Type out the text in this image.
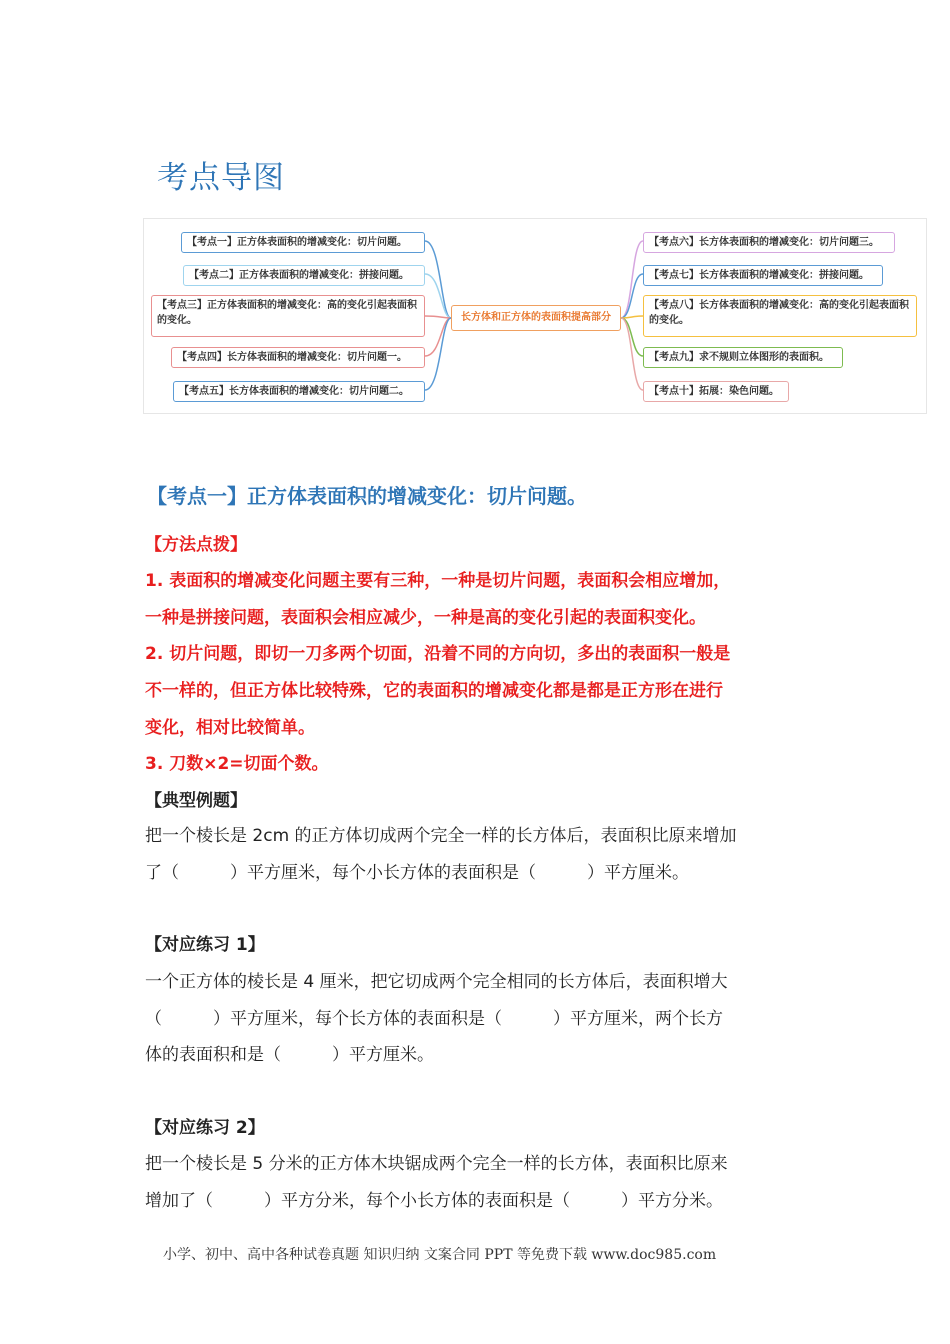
考点导图
【考点一】正方体表面积的增减变化：切片问题。
【考点二】正方体表面积的增减变化：拼接问题。
【考点三】正方体表面积的增减变化：高的变化引起表面积的变化。
【考点四】长方体表面积的增减变化：切片问题一。
【考点五】长方体表面积的增减变化：切片问题二。
长方体和正方体的表面积提高部分
【考点六】长方体表面积的增减变化：切片问题三。
【考点七】长方体表面积的增减变化：拼接问题。
【考点八】长方体表面积的增减变化：高的变化引起表面积的变化。
【考点九】求不规则立体图形的表面积。
【考点十】拓展：染色问题。
【考点一】正方体表面积的增减变化：切片问题。
【方法点拨】
1. 表面积的增减变化问题主要有三种，一种是切片问题，表面积会相应增加，
一种是拼接问题，表面积会相应减少，一种是高的变化引起的表面积变化。
2. 切片问题，即切一刀多两个切面，沿着不同的方向切，多出的表面积一般是
不一样的，但正方体比较特殊，它的表面积的增减变化都是都是正方形在进行
变化，相对比较简单。
3. 刀数×2=切面个数。
【典型例题】
把一个棱长是 2cm 的正方体切成两个完全一样的长方体后，表面积比原来增加
了（　　　）平方厘米，每个小长方体的表面积是（　　　）平方厘米。
【对应练习 1】
一个正方体的棱长是 4 厘米，把它切成两个完全相同的长方体后，表面积增大
（　　　）平方厘米，每个长方体的表面积是（　　　）平方厘米，两个长方
体的表面积和是（　　　）平方厘米。
【对应练习 2】
把一个棱长是 5 分米的正方体木块锯成两个完全一样的长方体，表面积比原来
增加了（　　　）平方分米，每个小长方体的表面积是（　　　）平方分米。
小学、初中、高中各种试卷真题 知识归纳 文案合同 PPT 等免费下载 www.doc985.com
